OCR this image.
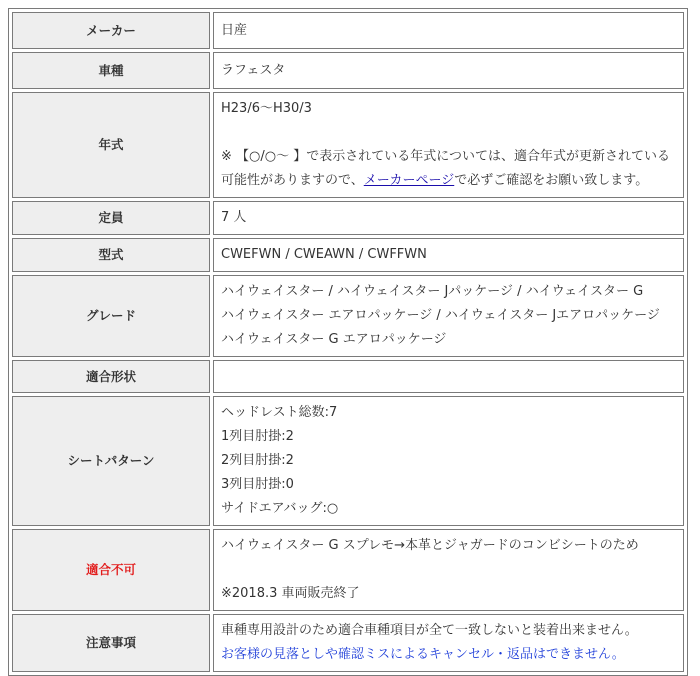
メーカー	日産
車種	ラフェスタ
年式	H23/6～H30/3
※ 【○/○～ 】で表示されている年式については、適合年式が更新されている
可能性がありますので、メーカーページで必ずご確認をお願い致します。

定員	7 人
型式	CWEFWN / CWEAWN / CWFFWN
グレード	ハイウェイスター / ハイウェイスター Jパッケージ / ハイウェイスター G
ハイウェイスター エアロパッケージ / ハイウェイスター Jエアロパッケージ
ハイウェイスター G エアロパッケージ

適合形状	
シートパターン	ヘッドレスト総数:7
1列目肘掛:2
2列目肘掛:2
3列目肘掛:0
サイドエアバッグ:○

適合不可	ハイウェイスター G スプレモ→本革とジャガードのコンビシートのため
※2018.3 車両販売終了

注意事項	車種専用設計のため適合車種項目が全て一致しないと装着出来ません。
お客様の見落としや確認ミスによるキャンセル・返品はできません。
